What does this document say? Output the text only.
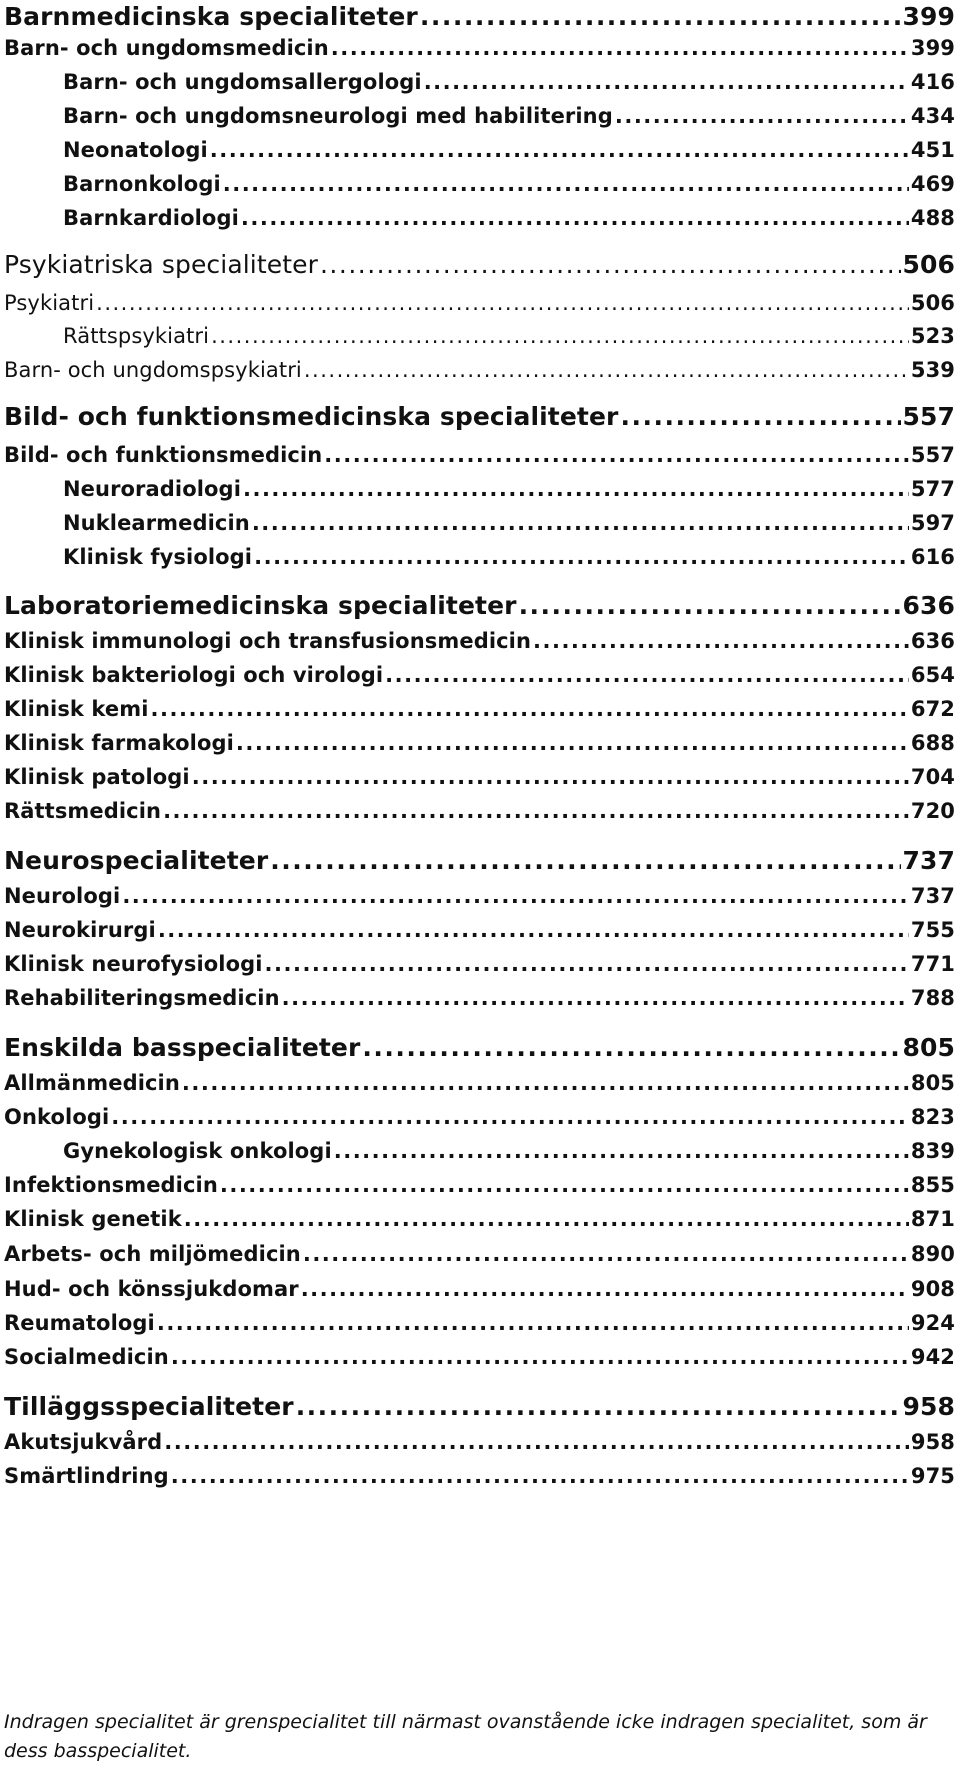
Barnmedicinska specialiteter .....	399
Barn- och ungdomsmedicin .....	399
Barn- och ungdomsallergologi .....	416
Barn- och ungdomsneurologi med habilitering .....	434
Neonatologi .....	451
Barnonkologi .....	469
Barnkardiologi .....	488
Psykiatriska specialiteter .....	506
Psykiatri .....	506
Rättspsykiatri .....	523
Barn- och ungdomspsykiatri .....	539
Bild- och funktionsmedicinska specialiteter .....	557
Bild- och funktionsmedicin .....	557
Neuroradiologi .....	577
Nuklearmedicin .....	597
Klinisk fysiologi .....	616
Laboratoriemedicinska specialiteter .....	636
Klinisk immunologi och transfusionsmedicin .....	636
Klinisk bakteriologi och virologi .....	654
Klinisk kemi .....	672
Klinisk farmakologi .....	688
Klinisk patologi .....	704
Rättsmedicin .....	720
Neurospecialiteter .....	737
Neurologi .....	737
Neurokirurgi .....	755
Klinisk neurofysiologi .....	771
Rehabiliteringsmedicin .....	788
Enskilda basspecialiteter .....	805
Allmänmedicin .....	805
Onkologi .....	823
Gynekologisk onkologi .....	839
Infektionsmedicin .....	855
Klinisk genetik .....	871
Arbets- och miljömedicin .....	890
Hud- och könssjukdomar .....	908
Reumatologi .....	924
Socialmedicin .....	942
Tilläggsspecialiteter .....	958
Akutsjukvård .....	958
Smärtlindring .....	975
Indragen specialitet är grenspecialitet till närmast ovanstående icke indragen specialitet, som är dess basspecialitet.
